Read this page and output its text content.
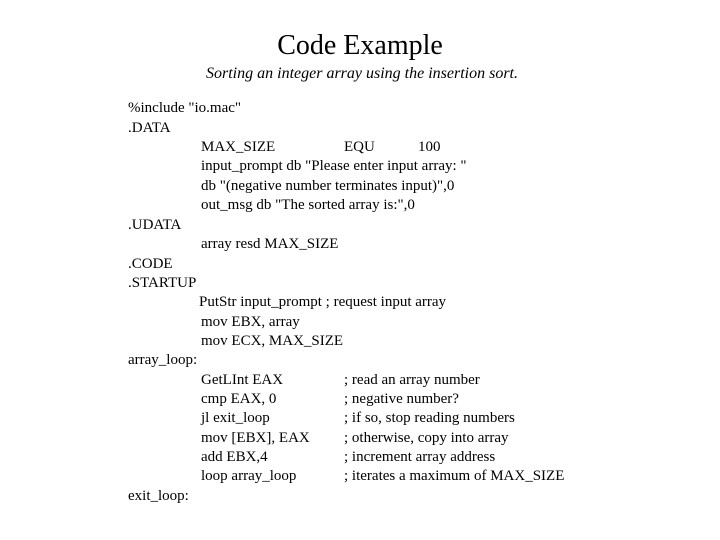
Code Example
Sorting an integer array using the insertion sort.
%include "io.mac"
.DATA
MAX_SIZE	EQU	100
input_prompt db "Please enter input array: "
db "(negative number terminates input)",0
out_msg db "The sorted array is:",0
.UDATA
array resd MAX_SIZE
.CODE
.STARTUP
PutStr input_prompt ; request input array
mov EBX, array
mov ECX, MAX_SIZE
array_loop:
GetLInt EAX	; read an array number
cmp EAX, 0	; negative number?
jl exit_loop	; if so, stop reading numbers
mov [EBX], EAX ; otherwise, copy into array
add EBX,4	; increment array address
loop array_loop	; iterates a maximum of MAX_SIZE
exit_loop:
